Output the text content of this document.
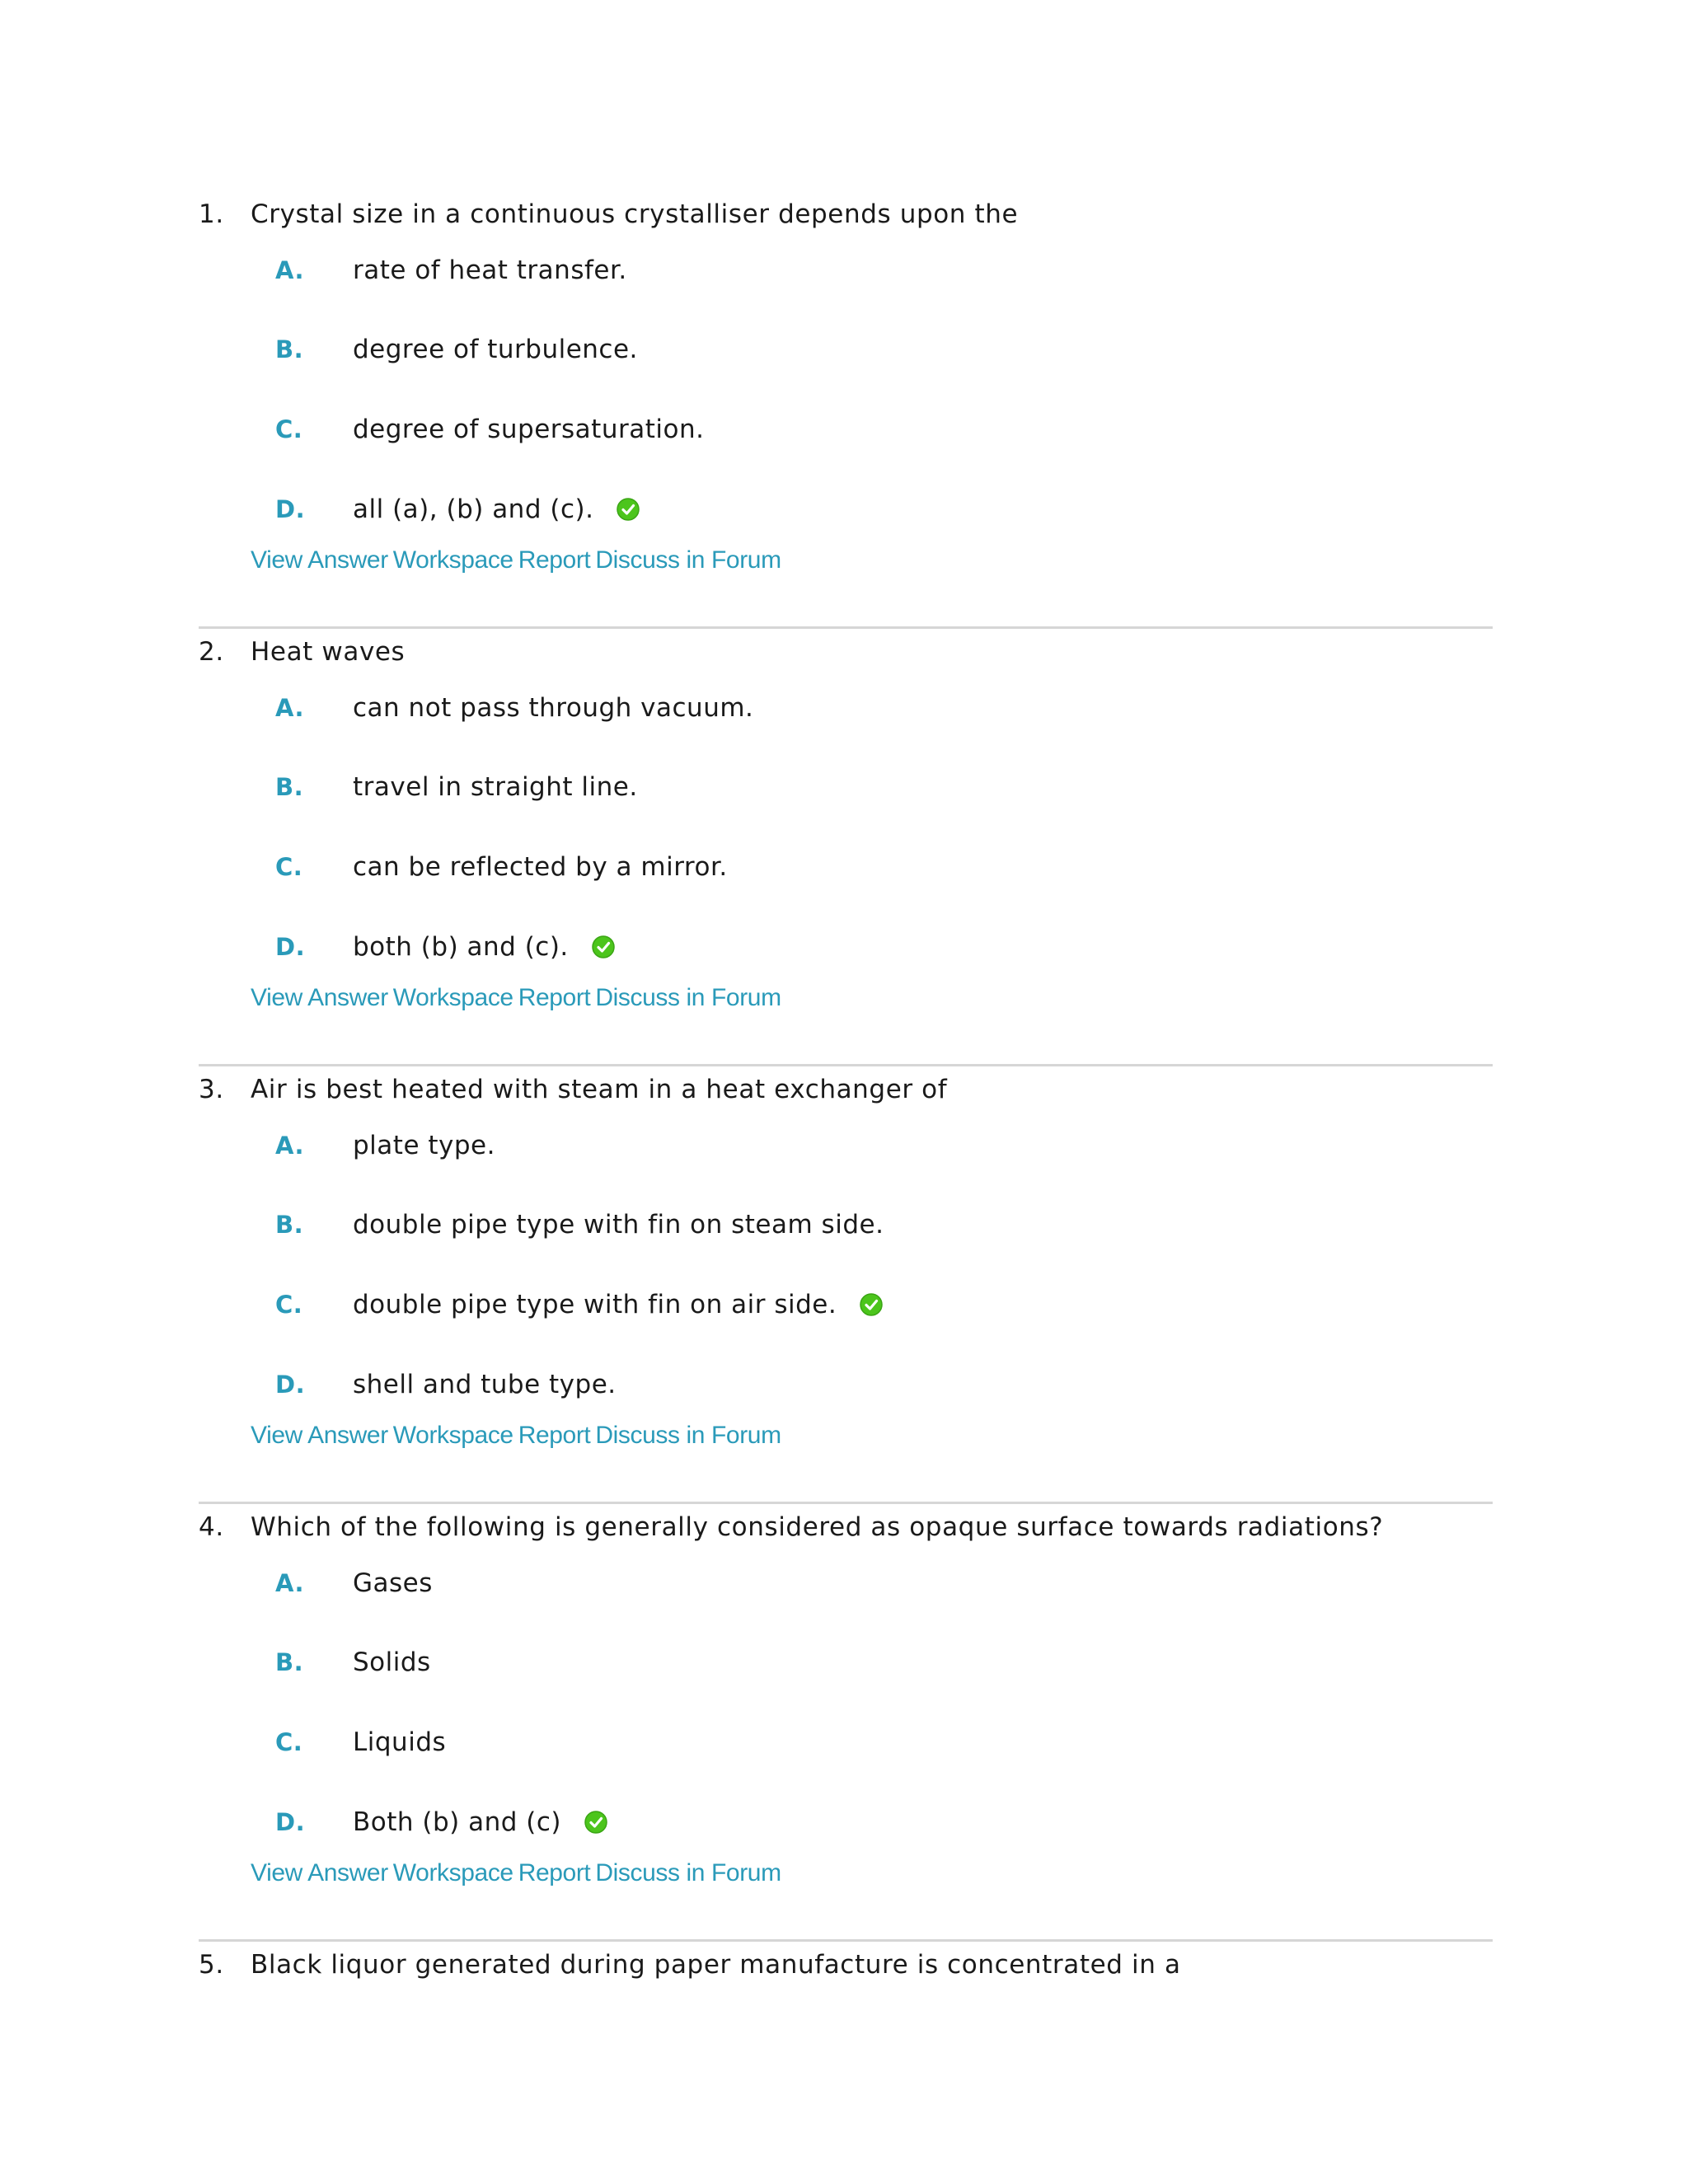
1.	Crystal size in a continuous crystalliser depends upon the
A.	rate of heat transfer.
B.	degree of turbulence.
C.	degree of supersaturation.
D.	all (a), (b) and (c).
View Answer Workspace Report Discuss in Forum
2.	Heat waves
A.	can not pass through vacuum.
B.	travel in straight line.
C.	can be reflected by a mirror.
D.	both (b) and (c).
View Answer Workspace Report Discuss in Forum
3.	Air is best heated with steam in a heat exchanger of
A.	plate type.
B.	double pipe type with fin on steam side.
C.	double pipe type with fin on air side.
D.	shell and tube type.
View Answer Workspace Report Discuss in Forum
4.	Which of the following is generally considered as opaque surface towards radiations?
A.	Gases
B.	Solids
C.	Liquids
D.	Both (b) and (c)
View Answer Workspace Report Discuss in Forum
5.	Black liquor generated during paper manufacture is concentrated in a
